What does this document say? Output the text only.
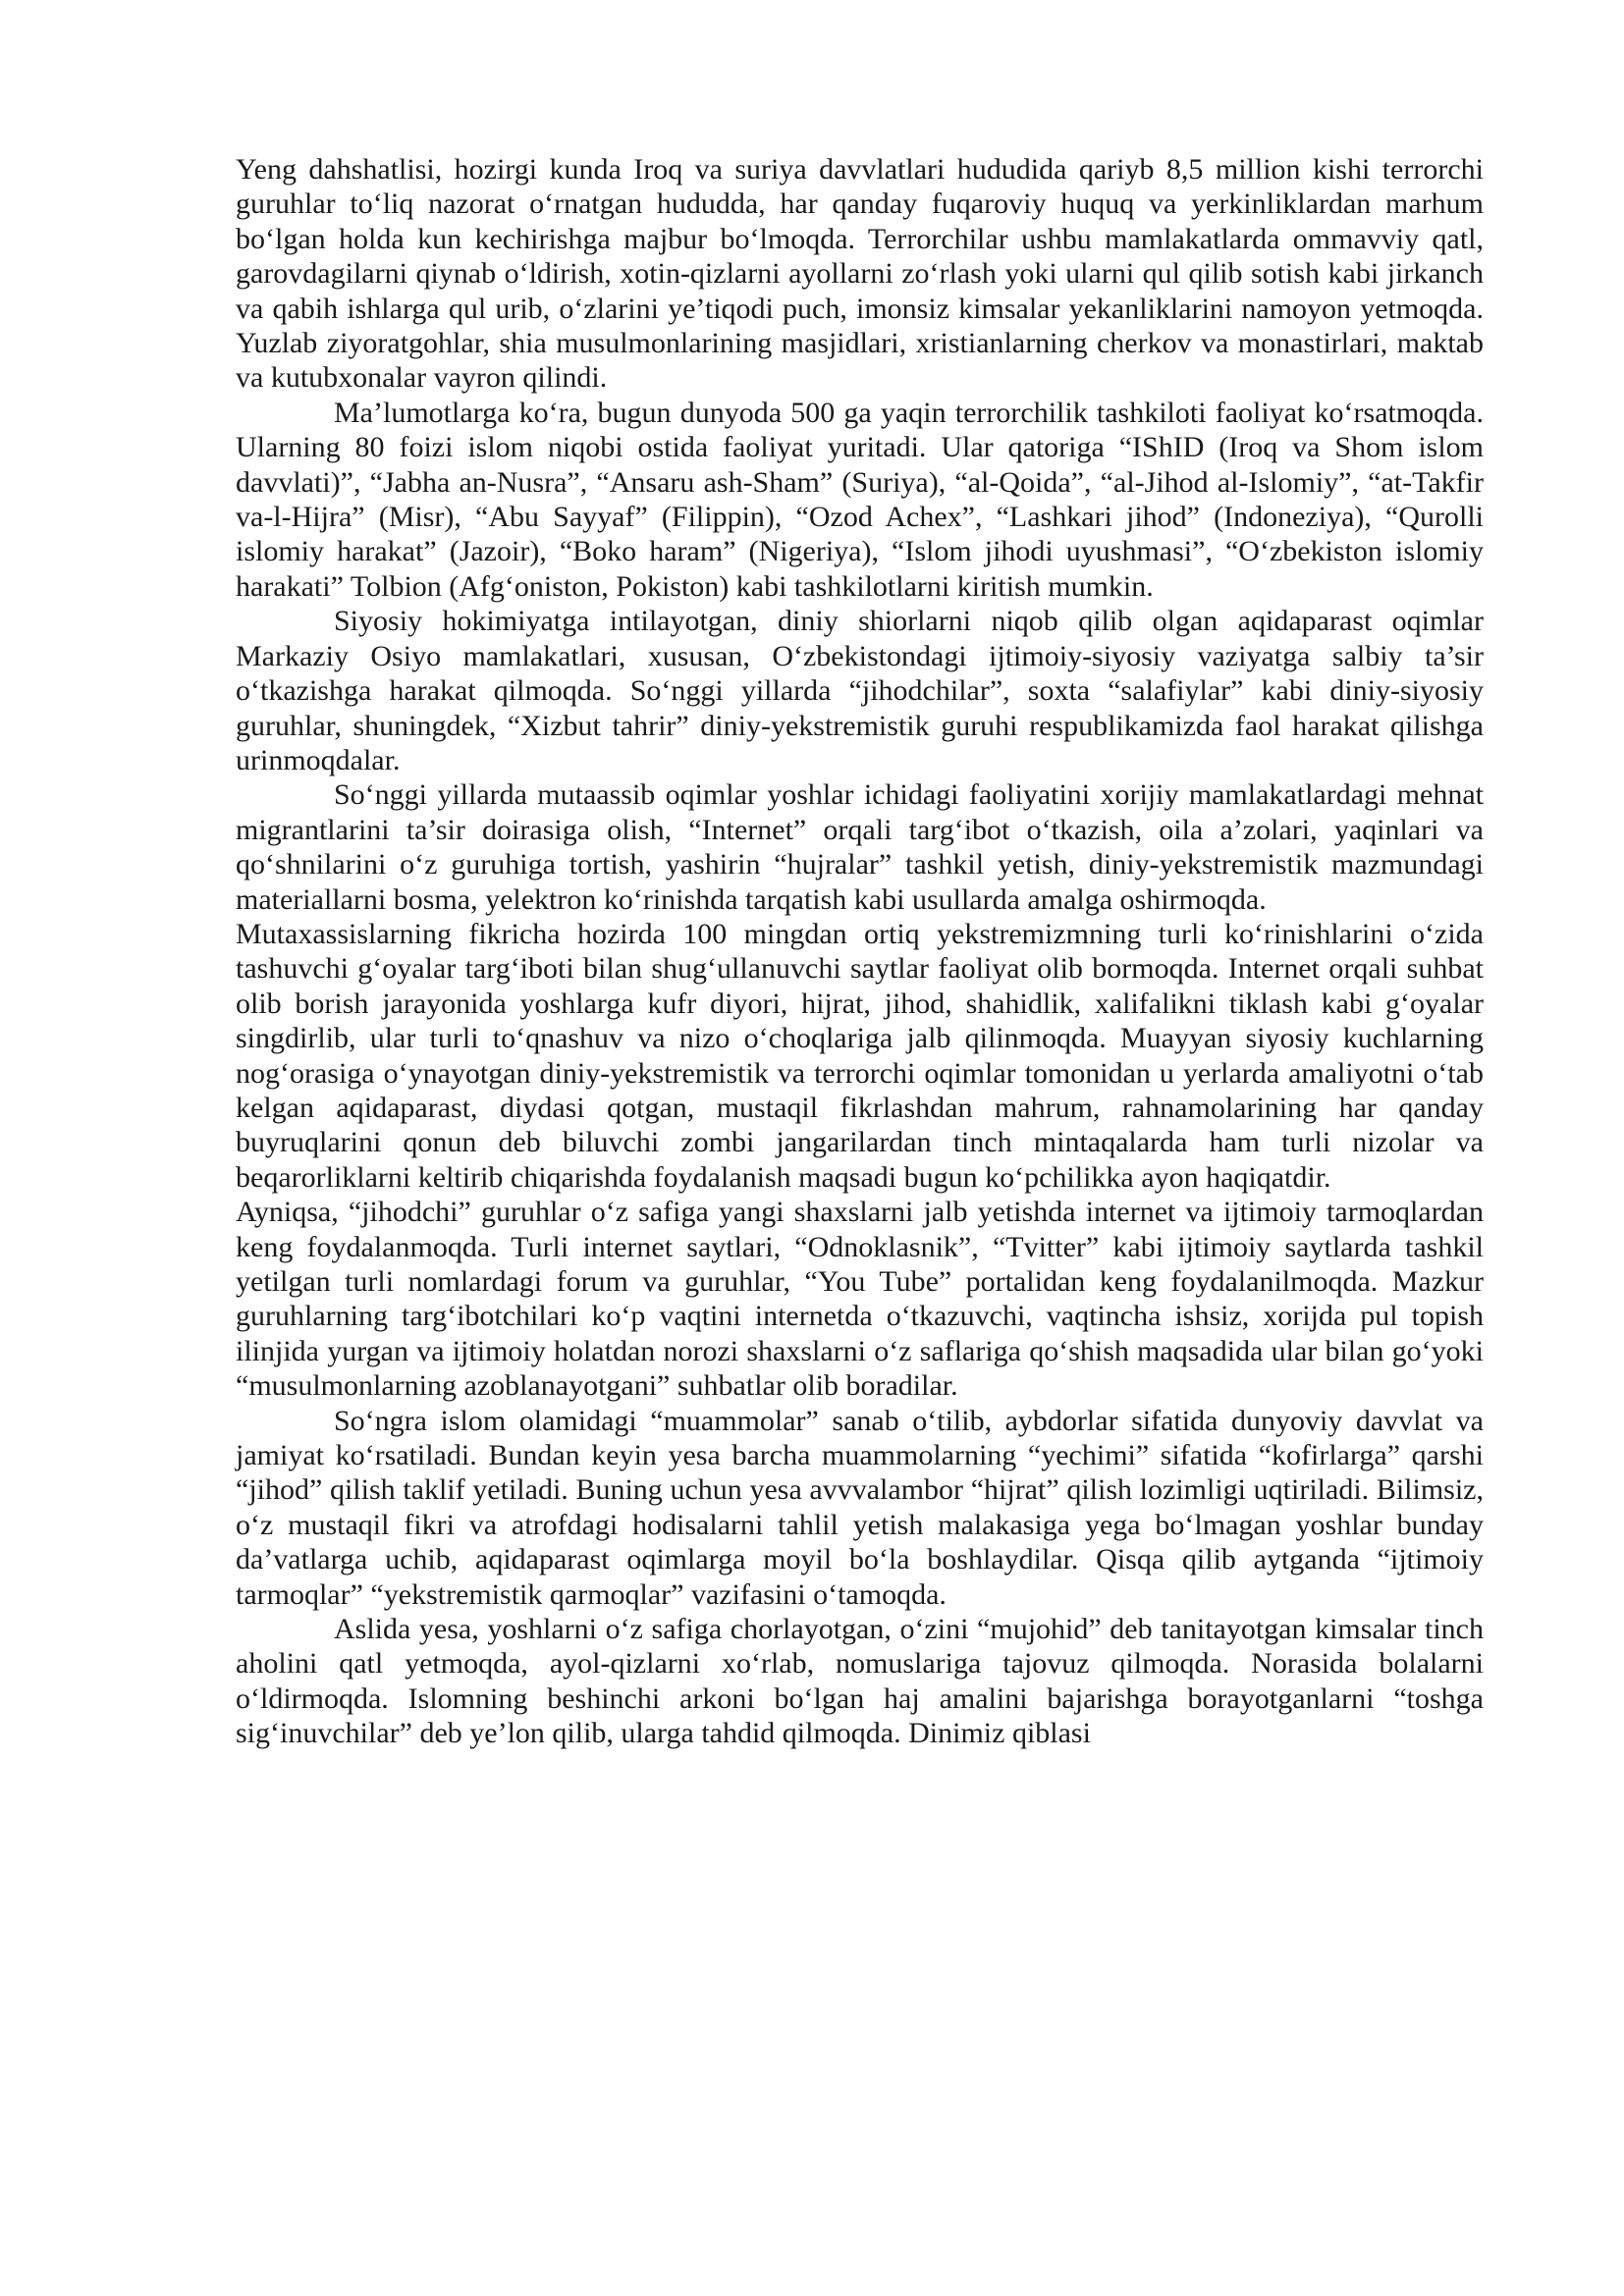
Yeng dahshatlisi, hozirgi kunda Iroq va suriya davvlatlari hududida qariyb 8,5 million kishi terrorchi guruhlar to‘liq nazorat o‘rnatgan hududda, har qanday fuqaroviy huquq va yerkinliklardan marhum bo‘lgan holda kun kechirishga majbur bo‘lmoqda. Terrorchilar ushbu mamlakatlarda ommavviy qatl, garovdagilarni qiynab o‘ldirish, xotin-qizlarni ayollarni zo‘rlash yoki ularni qul qilib sotish kabi jirkanch va qabih ishlarga qul urib, o‘zlarini ye’tiqodi puch, imonsiz kimsalar yekanliklarini namoyon yetmoqda. Yuzlab ziyoratgohlar, shia musulmonlarining masjidlari, xristianlarning cherkov va monastirlari, maktab va kutubxonalar vayron qilindi.

Ma’lumotlarga ko‘ra, bugun dunyoda 500 ga yaqin terrorchilik tashkiloti faoliyat ko‘rsatmoqda. Ularning 80 foizi islom niqobi ostida faoliyat yuritadi. Ular qatoriga “IShID (Iroq va Shom islom davvlati)”, “Jabha an-Nusra”, “Ansaru ash-Sham” (Suriya), “al-Qoida”, “al-Jihod al-Islomiy”, “at-Takfir va-l-Hijra” (Misr), “Abu Sayyaf” (Filippin), “Ozod Achex”, “Lashkari jihod” (Indoneziya), “Qurolli islomiy harakat” (Jazoir), “Boko haram” (Nigeriya), “Islom jihodi uyushmasi”, “O‘zbekiston islomiy harakati” Tolbion (Afg‘oniston, Pokiston) kabi tashkilotlarni kiritish mumkin.

Siyosiy hokimiyatga intilayotgan, diniy shiorlarni niqob qilib olgan aqidaparast oqimlar Markaziy Osiyo mamlakatlari, xususan, O‘zbekistondagi ijtimoiy-siyosiy vaziyatga salbiy ta’sir o‘tkazishga harakat qilmoqda. So‘nggi yillarda “jihodchilar”, soxta “salafiylar” kabi diniy-siyosiy guruhlar, shuningdek, “Xizbut tahrir” diniy-yekstremistik guruhi respublikamizda faol harakat qilishga urinmoqdalar.

So‘nggi yillarda mutaassib oqimlar yoshlar ichidagi faoliyatini xorijiy mamlakatlardagi mehnat migrantlarini ta’sir doirasiga olish, “Internet” orqali targ‘ibot o‘tkazish, oila a’zolari, yaqinlari va qo‘shnilarini o‘z guruhiga tortish, yashirin “hujralar” tashkil yetish, diniy-yekstremistik mazmundagi materiallarni bosma, yelektron ko‘rinishda tarqatish kabi usullarda amalga oshirmoqda.

Mutaxassislarning fikricha hozirda 100 mingdan ortiq yekstremizmning turli ko‘rinishlarini o‘zida tashuvchi g‘oyalar targ‘iboti bilan shug‘ullanuvchi saytlar faoliyat olib bormoqda. Internet orqali suhbat olib borish jarayonida yoshlarga kufr diyori, hijrat, jihod, shahidlik, xalifalikni tiklash kabi g‘oyalar singdirlib, ular turli to‘qnashuv va nizo o‘choqlariga jalb qilinmoqda. Muayyan siyosiy kuchlarning nog‘orasiga o‘ynayotgan diniy-yekstremistik va terrorchi oqimlar tomonidan u yerlarda amaliyotni o‘tab kelgan aqidaparast, diydasi qotgan, mustaqil fikrlashdan mahrum, rahnamolarining har qanday buyruqlarini qonun deb biluvchi zombi jangarilardan tinch mintaqalarda ham turli nizolar va beqarorliklarni keltirib chiqarishda foydalanish maqsadi bugun ko‘pchilikka ayon haqiqatdir.

Ayniqsa, “jihodchi” guruhlar o‘z safiga yangi shaxslarni jalb yetishda internet va ijtimoiy tarmoqlardan keng foydalanmoqda. Turli internet saytlari, “Odnoklasnik”, “Tvitter” kabi ijtimoiy saytlarda tashkil yetilgan turli nomlardagi forum va guruhlar, “You Tube” portalidan keng foydalanilmoqda. Mazkur guruhlarning targ‘ibotchilari ko‘p vaqtini internetda o‘tkazuvchi, vaqtincha ishsiz, xorijda pul topish ilinjida yurgan va ijtimoiy holatdan norozi shaxslarni o‘z saflariga qo‘shish maqsadida ular bilan go‘yoki “musulmonlarning azoblanayotgani” suhbatlar olib boradilar.

So‘ngra islom olamidagi “muammolar” sanab o‘tilib, aybdorlar sifatida dunyoviy davvlat va jamiyat ko‘rsatiladi. Bundan keyin yesa barcha muammolarning “yechimi” sifatida “kofirlarga” qarshi “jihod” qilish taklif yetiladi. Buning uchun yesa avvvalambor “hijrat” qilish lozimligi uqtiriladi. Bilimsiz, o‘z mustaqil fikri va atrofdagi hodisalarni tahlil yetish malakasiga yega bo‘lmagan yoshlar bunday da’vatlarga uchib, aqidaparast oqimlarga moyil bo‘la boshlaydilar. Qisqa qilib aytganda “ijtimoiy tarmoqlar” “yekstremistik qarmoqlar” vazifasini o‘tamoqda.

Aslida yesa, yoshlarni o‘z safiga chorlayotgan, o‘zini “mujohid” deb tanitayotgan kimsalar tinch aholini qatl yetmoqda, ayol-qizlarni xo‘rlab, nomuslariga tajovuz qilmoqda. Norasida bolalarni o‘ldirmoqda. Islomning beshinchi arkoni bo‘lgan haj amalini bajarishga borayotganlarni “toshga sig‘inuvchilar” deb ye’lon qilib, ularga tahdid qilmoqda. Dinimiz qiblasi
